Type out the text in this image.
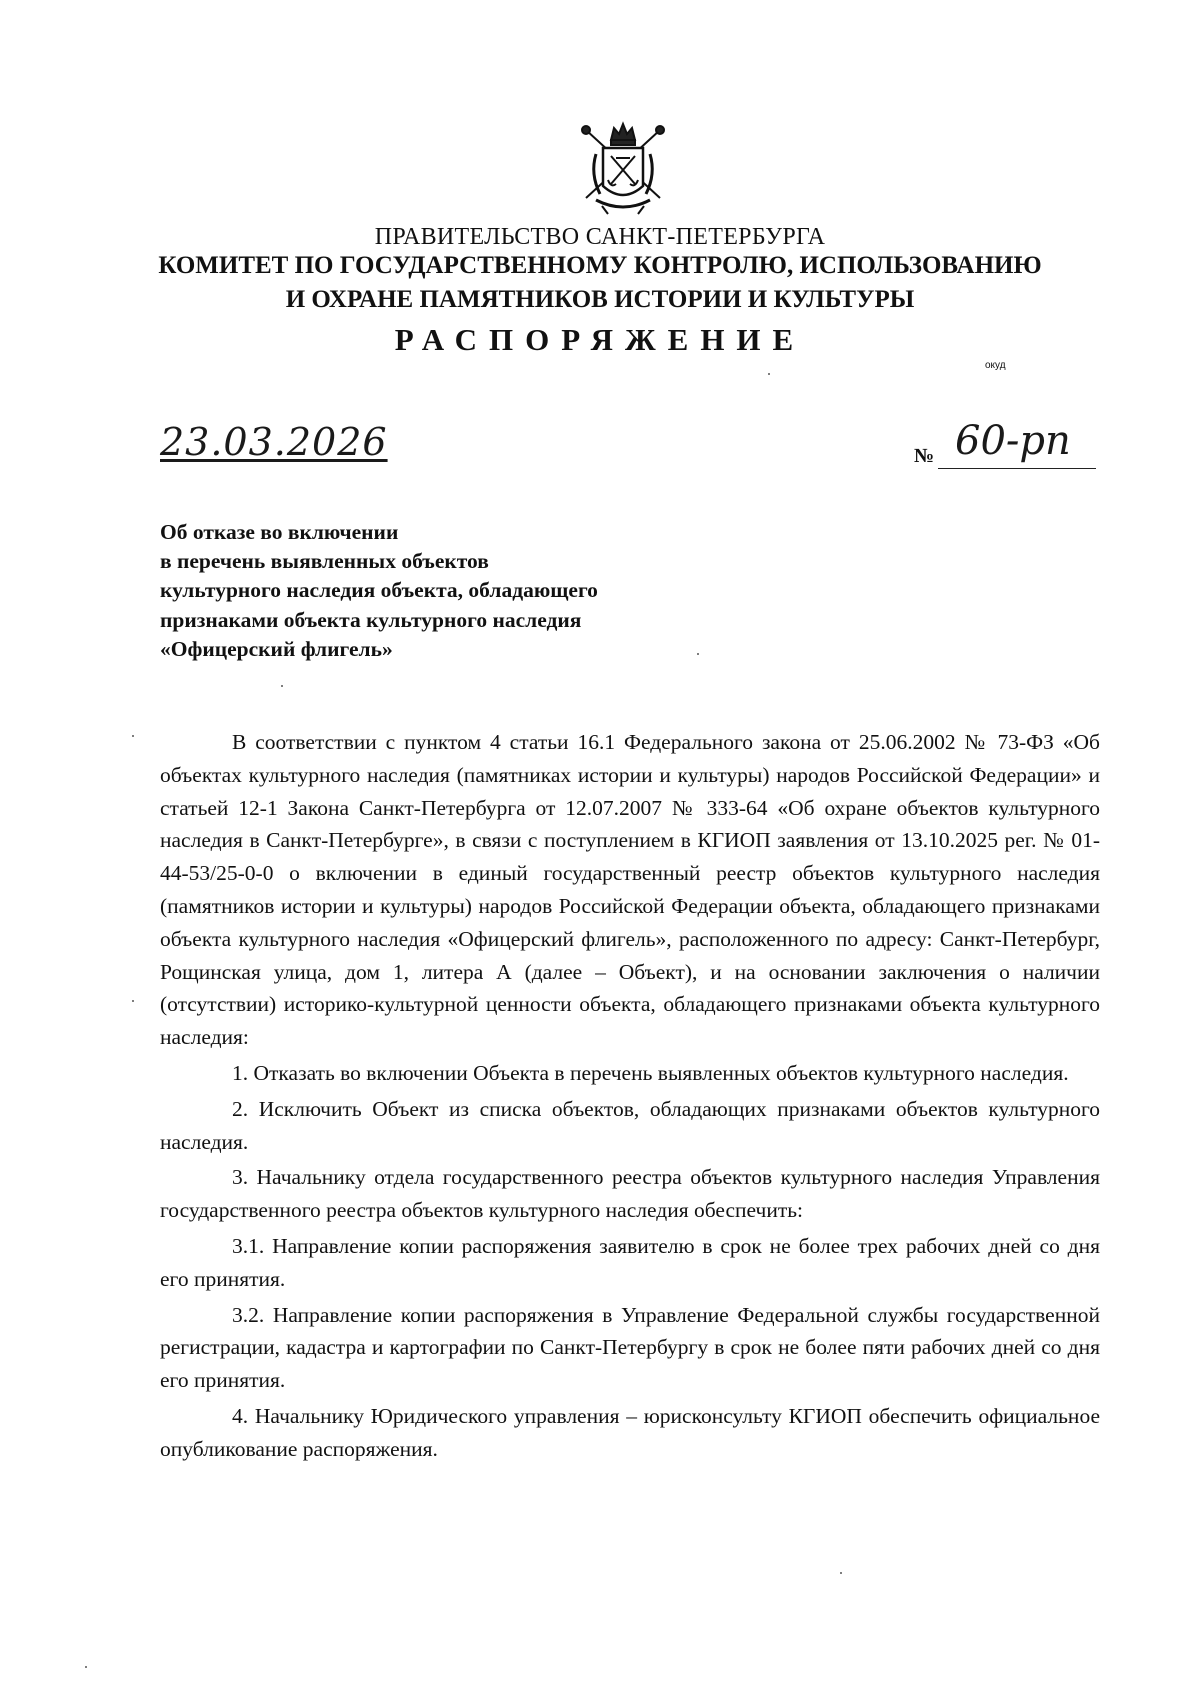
ПРАВИТЕЛЬСТВО САНКТ-ПЕТЕРБУРГА
КОМИТЕТ ПО ГОСУДАРСТВЕННОМУ КОНТРОЛЮ, ИСПОЛЬЗОВАНИЮ
И ОХРАНЕ ПАМЯТНИКОВ ИСТОРИИ И КУЛЬТУРЫ
РАСПОРЯЖЕНИЕ
окуд
23.03.2026	№ 60-рп
Об отказе во включении
в перечень выявленных объектов
культурного наследия объекта, обладающего
признаками объекта культурного наследия
«Офицерский флигель»

В соответствии с пунктом 4 статьи 16.1 Федерального закона от 25.06.2002 № 73-ФЗ «Об объектах культурного наследия (памятниках истории и культуры) народов Российской Федерации» и статьей 12-1 Закона Санкт-Петербурга от 12.07.2007 № 333-64 «Об охране объектов культурного наследия в Санкт-Петербурге», в связи с поступлением в КГИОП заявления от 13.10.2025 рег. № 01-44-53/25-0-0 о включении в единый государственный реестр объектов культурного наследия (памятников истории и культуры) народов Российской Федерации объекта, обладающего признаками объекта культурного наследия «Офицерский флигель», расположенного по адресу: Санкт-Петербург, Рощинская улица, дом 1, литера А (далее – Объект), и на основании заключения о наличии (отсутствии) историко-культурной ценности объекта, обладающего признаками объекта культурного наследия:

1. Отказать во включении Объекта в перечень выявленных объектов культурного наследия.

2. Исключить Объект из списка объектов, обладающих признаками объектов культурного наследия.

3. Начальнику отдела государственного реестра объектов культурного наследия Управления государственного реестра объектов культурного наследия обеспечить:

3.1. Направление копии распоряжения заявителю в срок не более трех рабочих дней со дня его принятия.

3.2. Направление копии распоряжения в Управление Федеральной службы государственной регистрации, кадастра и картографии по Санкт-Петербургу в срок не более пяти рабочих дней со дня его принятия.

4. Начальнику Юридического управления – юрисконсульту КГИОП обеспечить официальное опубликование распоряжения.
